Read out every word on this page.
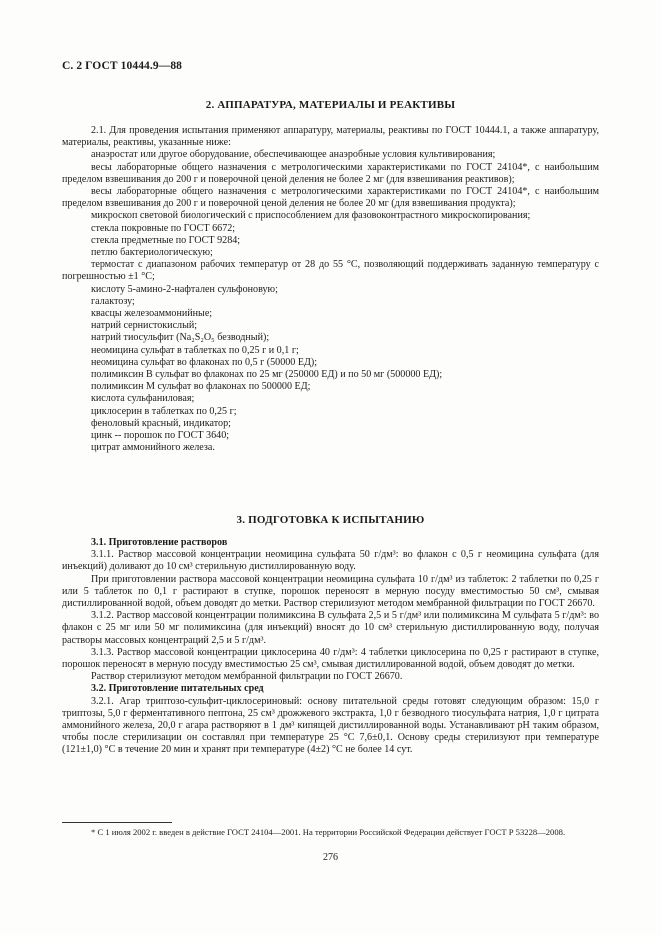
С. 2 ГОСТ 10444.9—88
2. АППАРАТУРА, МАТЕРИАЛЫ И РЕАКТИВЫ

2.1. Для проведения испытания применяют аппаратуру, материалы, реактивы по ГОСТ 10444.1, а также аппаратуру, материалы, реактивы, указанные ниже:

анаэростат или другое оборудование, обеспечивающее анаэробные условия культивирования;

весы лабораторные общего назначения с метрологическими характеристиками по ГОСТ 24104*, с наибольшим пределом взвешивания до 200 г и поверочной ценой деления не более 2 мг (для взвешивания реактивов);

весы лабораторные общего назначения с метрологическими характеристиками по ГОСТ 24104*, с наибольшим пределом взвешивания до 200 г и поверочной ценой деления не более 20 мг (для взвешивания продукта);

микроскоп световой биологический с приспособлением для фазовоконтрастного микроскопирования;

стекла покровные по ГОСТ 6672;

стекла предметные по ГОСТ 9284;

петлю бактериологическую;

термостат с диапазоном рабочих температур от 28 до 55 °С, позволяющий поддерживать заданную температуру с погрешностью ±1 °С;

кислоту 5-амино-2-нафтален сульфоновую;

галактозу;

квасцы железоаммонийные;

натрий сернистокислый;

натрий тиосульфит (Na₂S₂O₅ безводный);

неомицина сульфат в таблетках по 0,25 г и 0,1 г;

неомицина сульфат во флаконах по 0,5 г (50000 ЕД);

полимиксин В сульфат во флаконах по 25 мг (250000 ЕД) и по 50 мг (500000 ЕД);

полимиксин М сульфат во флаконах по 500000 ЕД;

кислота сульфаниловая;

циклосерин в таблетках по 0,25 г;

феноловый красный, индикатор;

цинк -- порошок по ГОСТ 3640;

цитрат аммонийного железа.

3. ПОДГОТОВКА К ИСПЫТАНИЮ

3.1. Приготовление растворов

3.1.1. Раствор массовой концентрации неомицина сульфата 50 г/дм³: во флакон с 0,5 г неомицина сульфата (для инъекций) доливают до 10 см³ стерильную дистиллированную воду.

При приготовлении раствора массовой концентрации неомицина сульфата 10 г/дм³ из таблеток: 2 таблетки по 0,25 г или 5 таблеток по 0,1 г растирают в ступке, порошок переносят в мерную посуду вместимостью 50 см³, смывая дистиллированной водой, объем доводят до метки. Раствор стерилизуют методом мембранной фильтрации по ГОСТ 26670.

3.1.2. Раствор массовой концентрации полимиксина В сульфата 2,5 и 5 г/дм³ или полимиксина М сульфата 5 г/дм³: во флакон с 25 мг или 50 мг полимиксина (для инъекций) вносят до 10 см³ стерильную дистиллированную воду, получая растворы массовых концентраций 2,5 и 5 г/дм³.

3.1.3. Раствор массовой концентрации циклосерина 40 г/дм³: 4 таблетки циклосерина по 0,25 г растирают в ступке, порошок переносят в мерную посуду вместимостью 25 см³, смывая дистиллированной водой, объем доводят до метки.

Раствор стерилизуют методом мембранной фильтрации по ГОСТ 26670.

3.2. Приготовление питательных сред

3.2.1. Агар триптозо-сульфит-циклосериновый: основу питательной среды готовят следующим образом: 15,0 г триптозы, 5,0 г ферментативного пептона, 25 см³ дрожжевого экстракта, 1,0 г безводного тиосульфата натрия, 1,0 г цитрата аммонийного железа, 20,0 г агара растворяют в 1 дм³ кипящей дистиллированной воды. Устанавливают pH таким образом, чтобы после стерилизации он составлял при температуре 25 °С 7,6±0,1. Основу среды стерилизуют при температуре (121±1,0) °С в течение 20 мин и хранят при температуре (4±2) °С не более 14 сут.

* С 1 июля 2002 г. введен в действие ГОСТ 24104—2001. На территории Российской Федерации действует ГОСТ Р 53228—2008.

276
